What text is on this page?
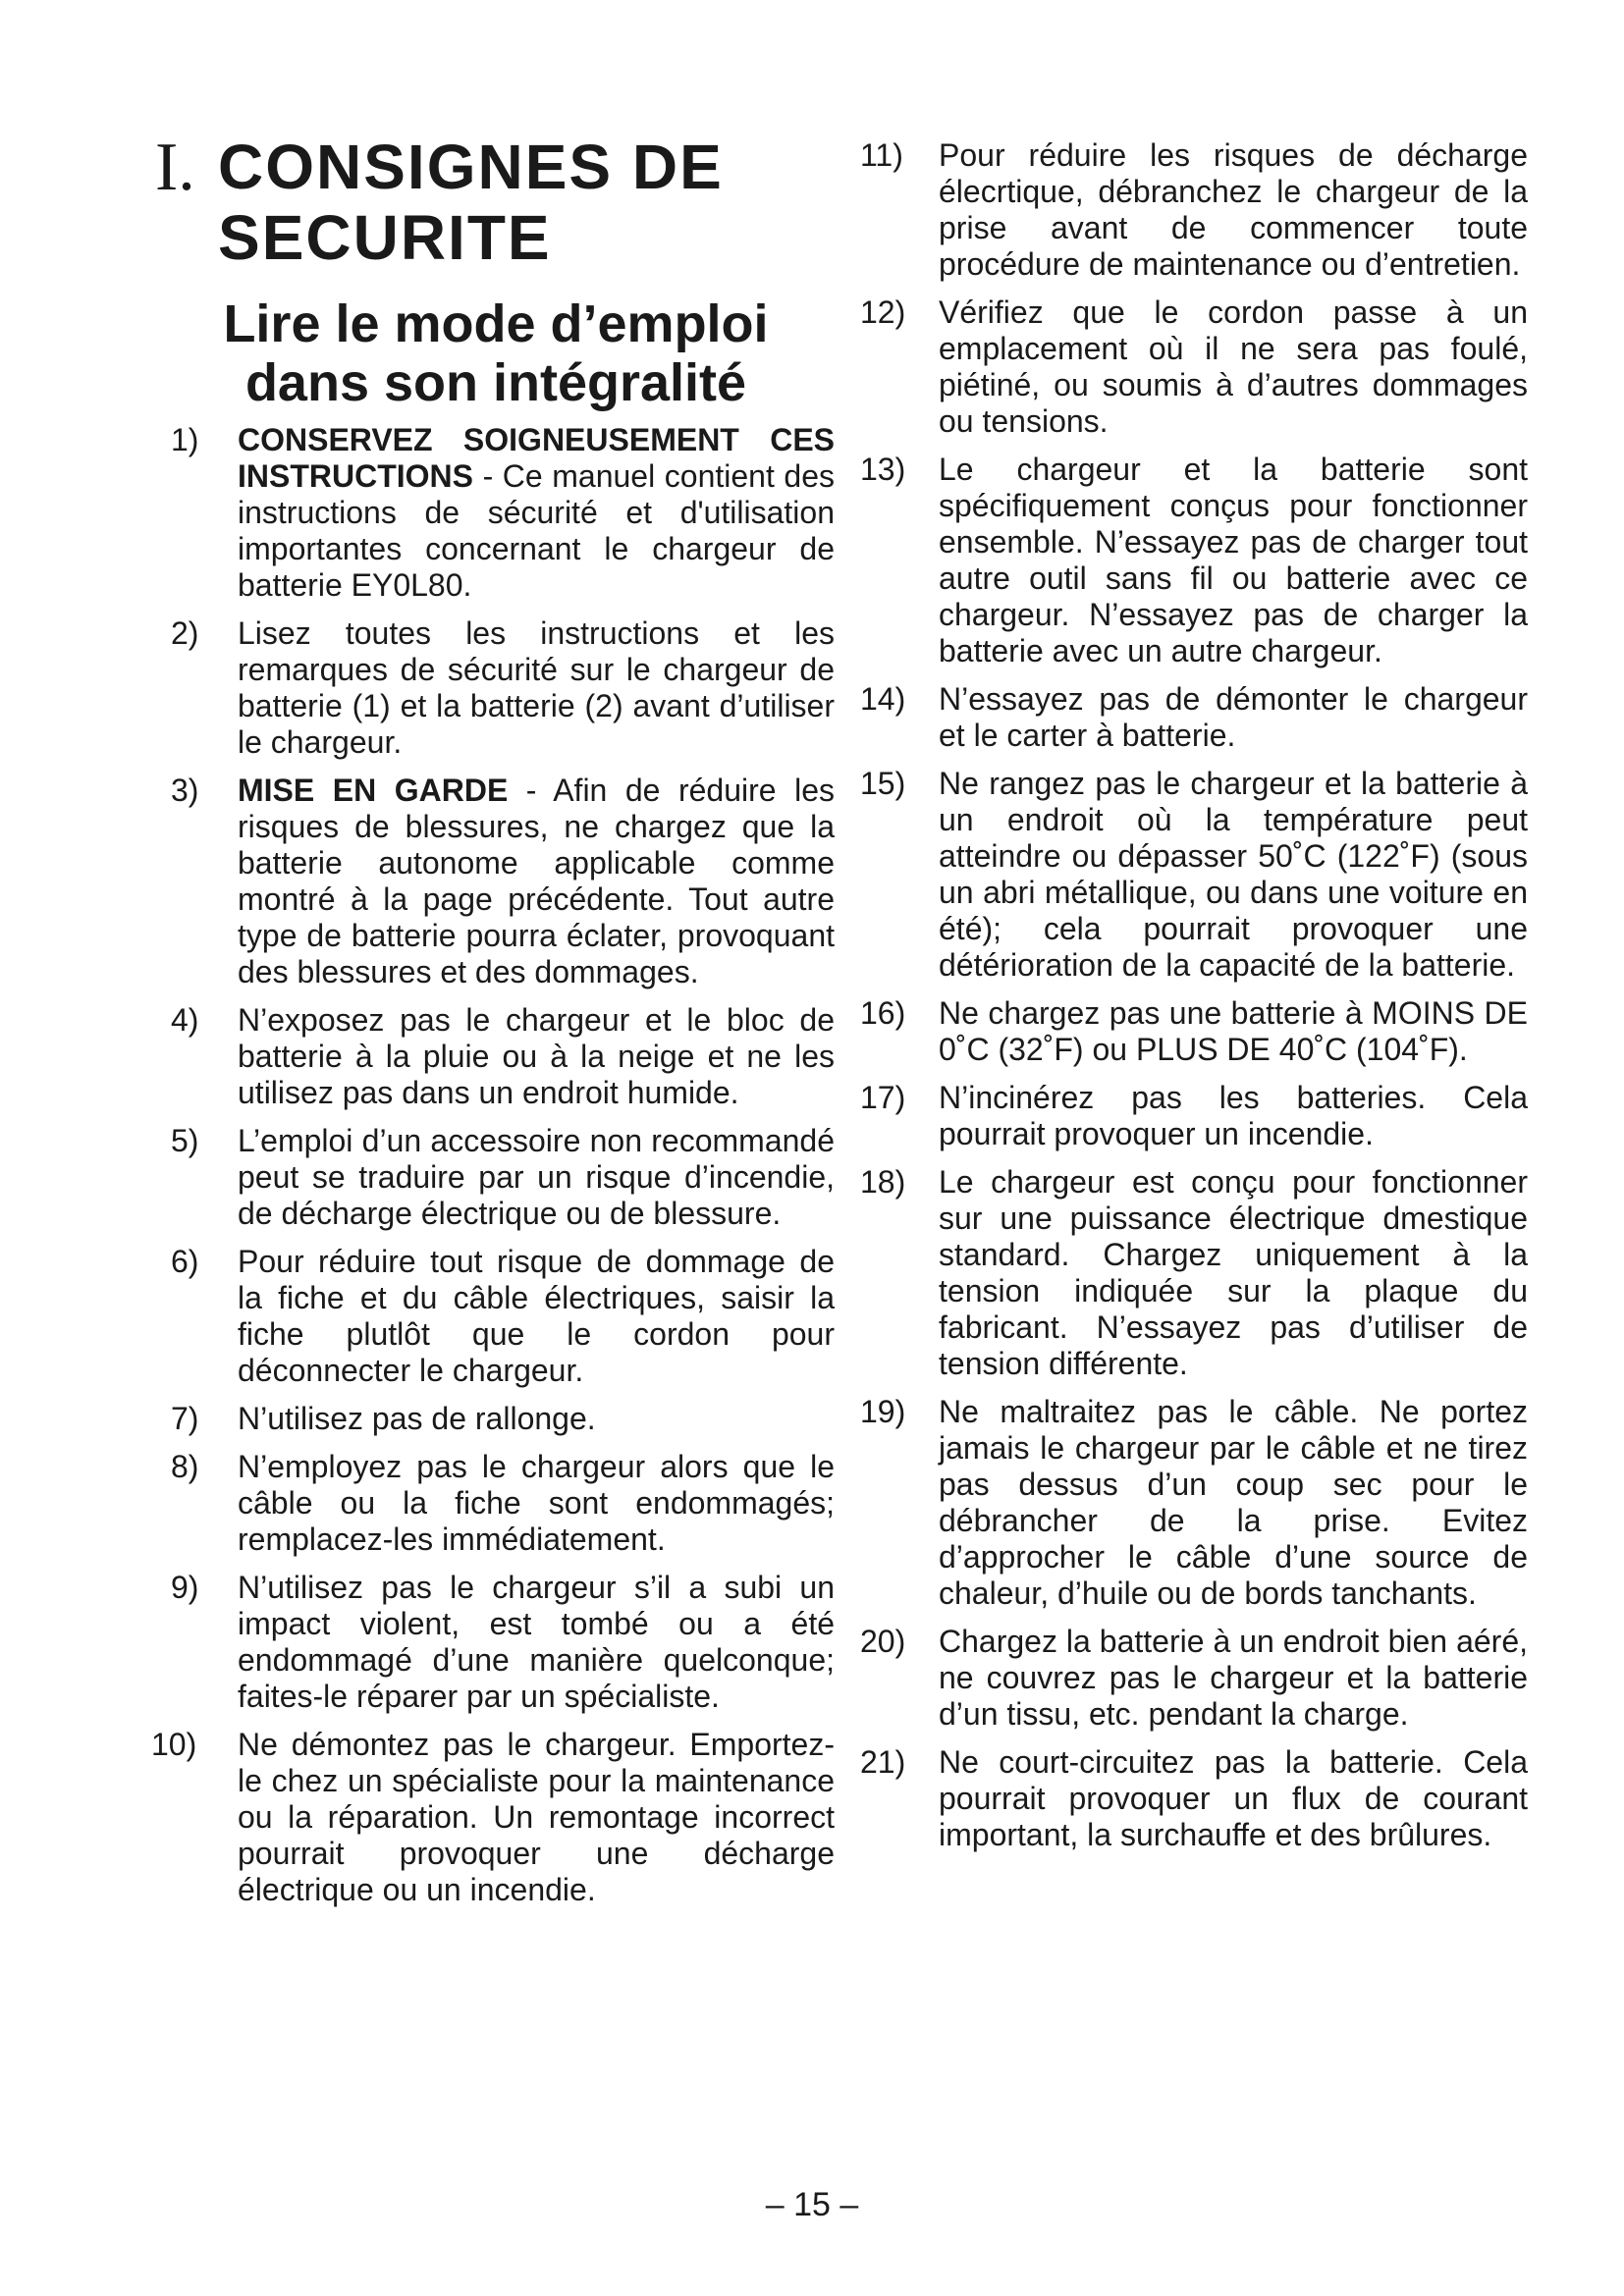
I. CONSIGNES DE
SECURITE
Lire le mode d’emploi
dans son intégralité
1)	CONSERVEZ SOIGNEUSEMENT CES INSTRUCTIONS - Ce manuel contient des instructions de sécurité et d'utilisation importantes concernant le chargeur de batterie EY0L80.
2)	Lisez toutes les instructions et les remarques de sécurité sur le chargeur de batterie (1) et la batterie (2) avant d’utiliser le chargeur.
3)	MISE EN GARDE - Afin de réduire les risques de blessures, ne chargez que la batterie autonome applicable comme montré à la page précédente. Tout autre type de batterie pourra éclater, provoquant des blessures et des dommages.
4)	N’exposez pas le chargeur et le bloc de batterie à la pluie ou à la neige et ne les utilisez pas dans un endroit humide.
5)	L’emploi d’un accessoire non recommandé peut se traduire par un risque d’incendie, de décharge électrique ou de blessure.
6)	Pour réduire tout risque de dommage de la fiche et du câble électriques, saisir la fiche plutlôt que le cordon pour déconnecter le chargeur.
7)	N’utilisez pas de rallonge.
8)	N’employez pas le chargeur alors que le câble ou la fiche sont endommagés; remplacez-les immédiatement.
9)	N’utilisez pas le chargeur s’il a subi un impact violent, est tombé ou a été endommagé d’une manière quelconque; faites-le réparer par un spécialiste.
10)	Ne démontez pas le chargeur. Emportez-le chez un spécialiste pour la maintenance ou la réparation. Un remontage incorrect pourrait provoquer une décharge électrique ou un incendie.
11)	Pour réduire les risques de décharge élecrtique, débranchez le chargeur de la prise avant de commencer toute procédure de maintenance ou d’entretien.
12)	Vérifiez que le cordon passe à un emplacement où il ne sera pas foulé, piétiné, ou soumis à d’autres dommages ou tensions.
13)	Le chargeur et la batterie sont spécifiquement conçus pour fonctionner ensemble. N’essayez pas de charger tout autre outil sans fil ou batterie avec ce chargeur. N’essayez pas de charger la batterie avec un autre chargeur.
14)	N’essayez pas de démonter le chargeur et le carter à batterie.
15)	Ne rangez pas le chargeur et la batterie à un endroit où la température peut atteindre ou dépasser 50˚C (122˚F) (sous un abri métallique, ou dans une voiture en été); cela pourrait provoquer une détérioration de la capacité de la batterie.
16)	Ne chargez pas une batterie à MOINS DE 0˚C (32˚F) ou PLUS DE 40˚C (104˚F).
17)	N’incinérez pas les batteries. Cela pourrait provoquer un incendie.
18)	Le chargeur est conçu pour fonctionner sur une puissance électrique dmestique standard. Chargez uniquement à la tension indiquée sur la plaque du fabricant. N’essayez pas d’utiliser de tension différente.
19)	Ne maltraitez pas le câble. Ne portez jamais le chargeur par le câble et ne tirez pas dessus d’un coup sec pour le débrancher de la prise. Evitez d’approcher le câble d’une source de chaleur, d’huile ou de bords tanchants.
20)	Chargez la batterie à un endroit bien aéré, ne couvrez pas le chargeur et la batterie d’un tissu, etc. pendant la charge.
21)	Ne court-circuitez pas la batterie. Cela pourrait provoquer un flux de courant important, la surchauffe et des brûlures.
– 15 –
